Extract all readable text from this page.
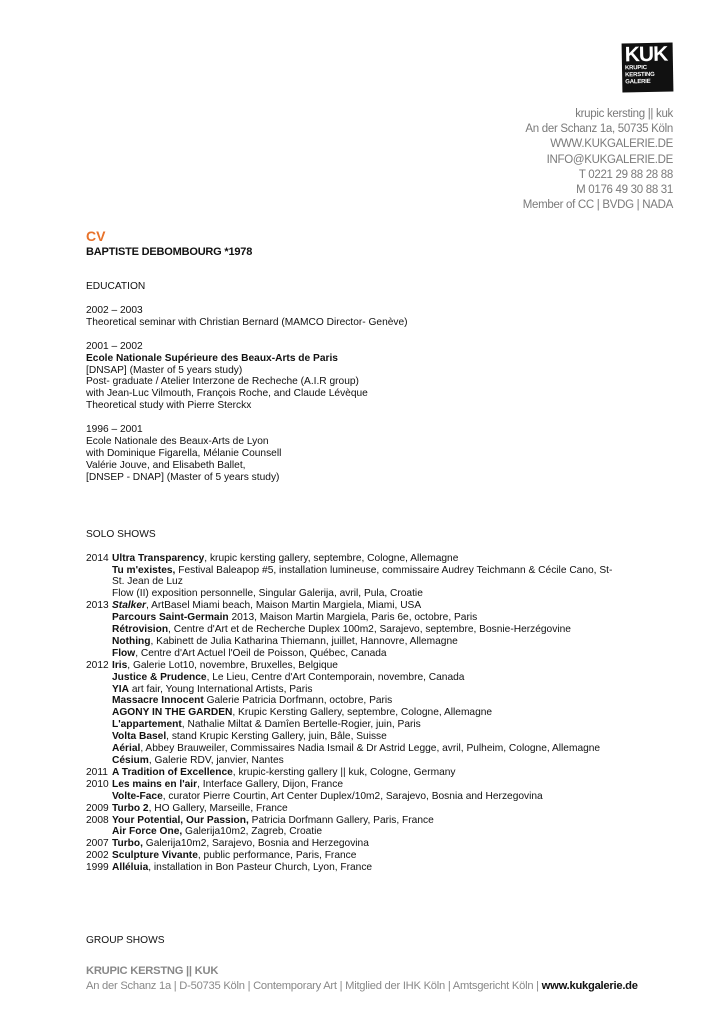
KUK
KRUPIC KERSTING
GALERIE
krupic kersting || kuk
An der Schanz 1a, 50735 Köln
WWW.KUKGALERIE.DE
INFO@KUKGALERIE.DE
T 0221 29 88 28 88
M 0176 49 30 88 31
Member of CC | BVDG | NADA
CV
BAPTISTE DEBOMBOURG *1978
EDUCATION
2002 – 2003
Theoretical seminar with Christian Bernard (MAMCO Director- Genève)
2001 – 2002
Ecole Nationale Supérieure des Beaux-Arts de Paris
[DNSAP] (Master of 5 years study)
Post- graduate / Atelier Interzone de Recheche (A.I.R group)
with Jean-Luc Vilmouth, François Roche, and Claude Lévèque
Theoretical study with Pierre Sterckx
1996 – 2001
Ecole Nationale des Beaux-Arts de Lyon
with Dominique Figarella, Mélanie Counsell
Valérie Jouve, and Elisabeth Ballet,
[DNSEP - DNAP] (Master of 5 years study)
SOLO SHOWS
2014 Ultra Transparency, krupic kersting gallery, septembre, Cologne, Allemagne
Tu m'existes, Festival Baleapop #5, installation lumineuse, commissaire Audrey Teichmann & Cécile Cano, St-
St. Jean de Luz
Flow (II) exposition personnelle, Singular Galerija, avril, Pula, Croatie
2013 Stalker, ArtBasel Miami beach, Maison Martin Margiela, Miami, USA
Parcours Saint-Germain 2013, Maison Martin Margiela, Paris 6e, octobre, Paris
Rétrovision, Centre d'Art et de Recherche Duplex 100m2, Sarajevo, septembre, Bosnie-Herzégovine
Nothing, Kabinett de Julia Katharina Thiemann, juillet, Hannovre, Allemagne
Flow, Centre d'Art Actuel l'Oeil de Poisson, Québec, Canada
2012 Iris, Galerie Lot10, novembre, Bruxelles, Belgique
Justice & Prudence, Le Lieu, Centre d'Art Contemporain, novembre, Canada
YIA art fair, Young International Artists, Paris
Massacre Innocent Galerie Patricia Dorfmann, octobre, Paris
AGONY IN THE GARDEN, Krupic Kersting Gallery, septembre, Cologne, Allemagne
L'appartement, Nathalie Miltat & Damîen Bertelle-Rogier, juin, Paris
Volta Basel, stand Krupic Kersting Gallery, juin, Bâle, Suisse
Aérial, Abbey Brauweiler, Commissaires Nadia Ismail & Dr Astrid Legge, avril, Pulheim, Cologne, Allemagne
Césium, Galerie RDV, janvier, Nantes
2011 A Tradition of Excellence, krupic-kersting gallery || kuk, Cologne, Germany
2010 Les mains en l'air, Interface Gallery, Dijon, France
Volte-Face, curator Pierre Courtin, Art Center Duplex/10m2, Sarajevo, Bosnia and Herzegovina
2009 Turbo 2, HO Gallery, Marseille, France
2008 Your Potential, Our Passion, Patricia Dorfmann Gallery, Paris, France
Air Force One, Galerija10m2, Zagreb, Croatie
2007 Turbo, Galerija10m2, Sarajevo, Bosnia and Herzegovina
2002 Sculpture Vivante, public performance, Paris, France
1999 Alléluia, installation in Bon Pasteur Church, Lyon, France
GROUP SHOWS
KRUPIC KERSTNG || KUK
An der Schanz 1a | D-50735 Köln | Contemporary Art | Mitglied der IHK Köln | Amtsgericht Köln | www.kukgalerie.de
